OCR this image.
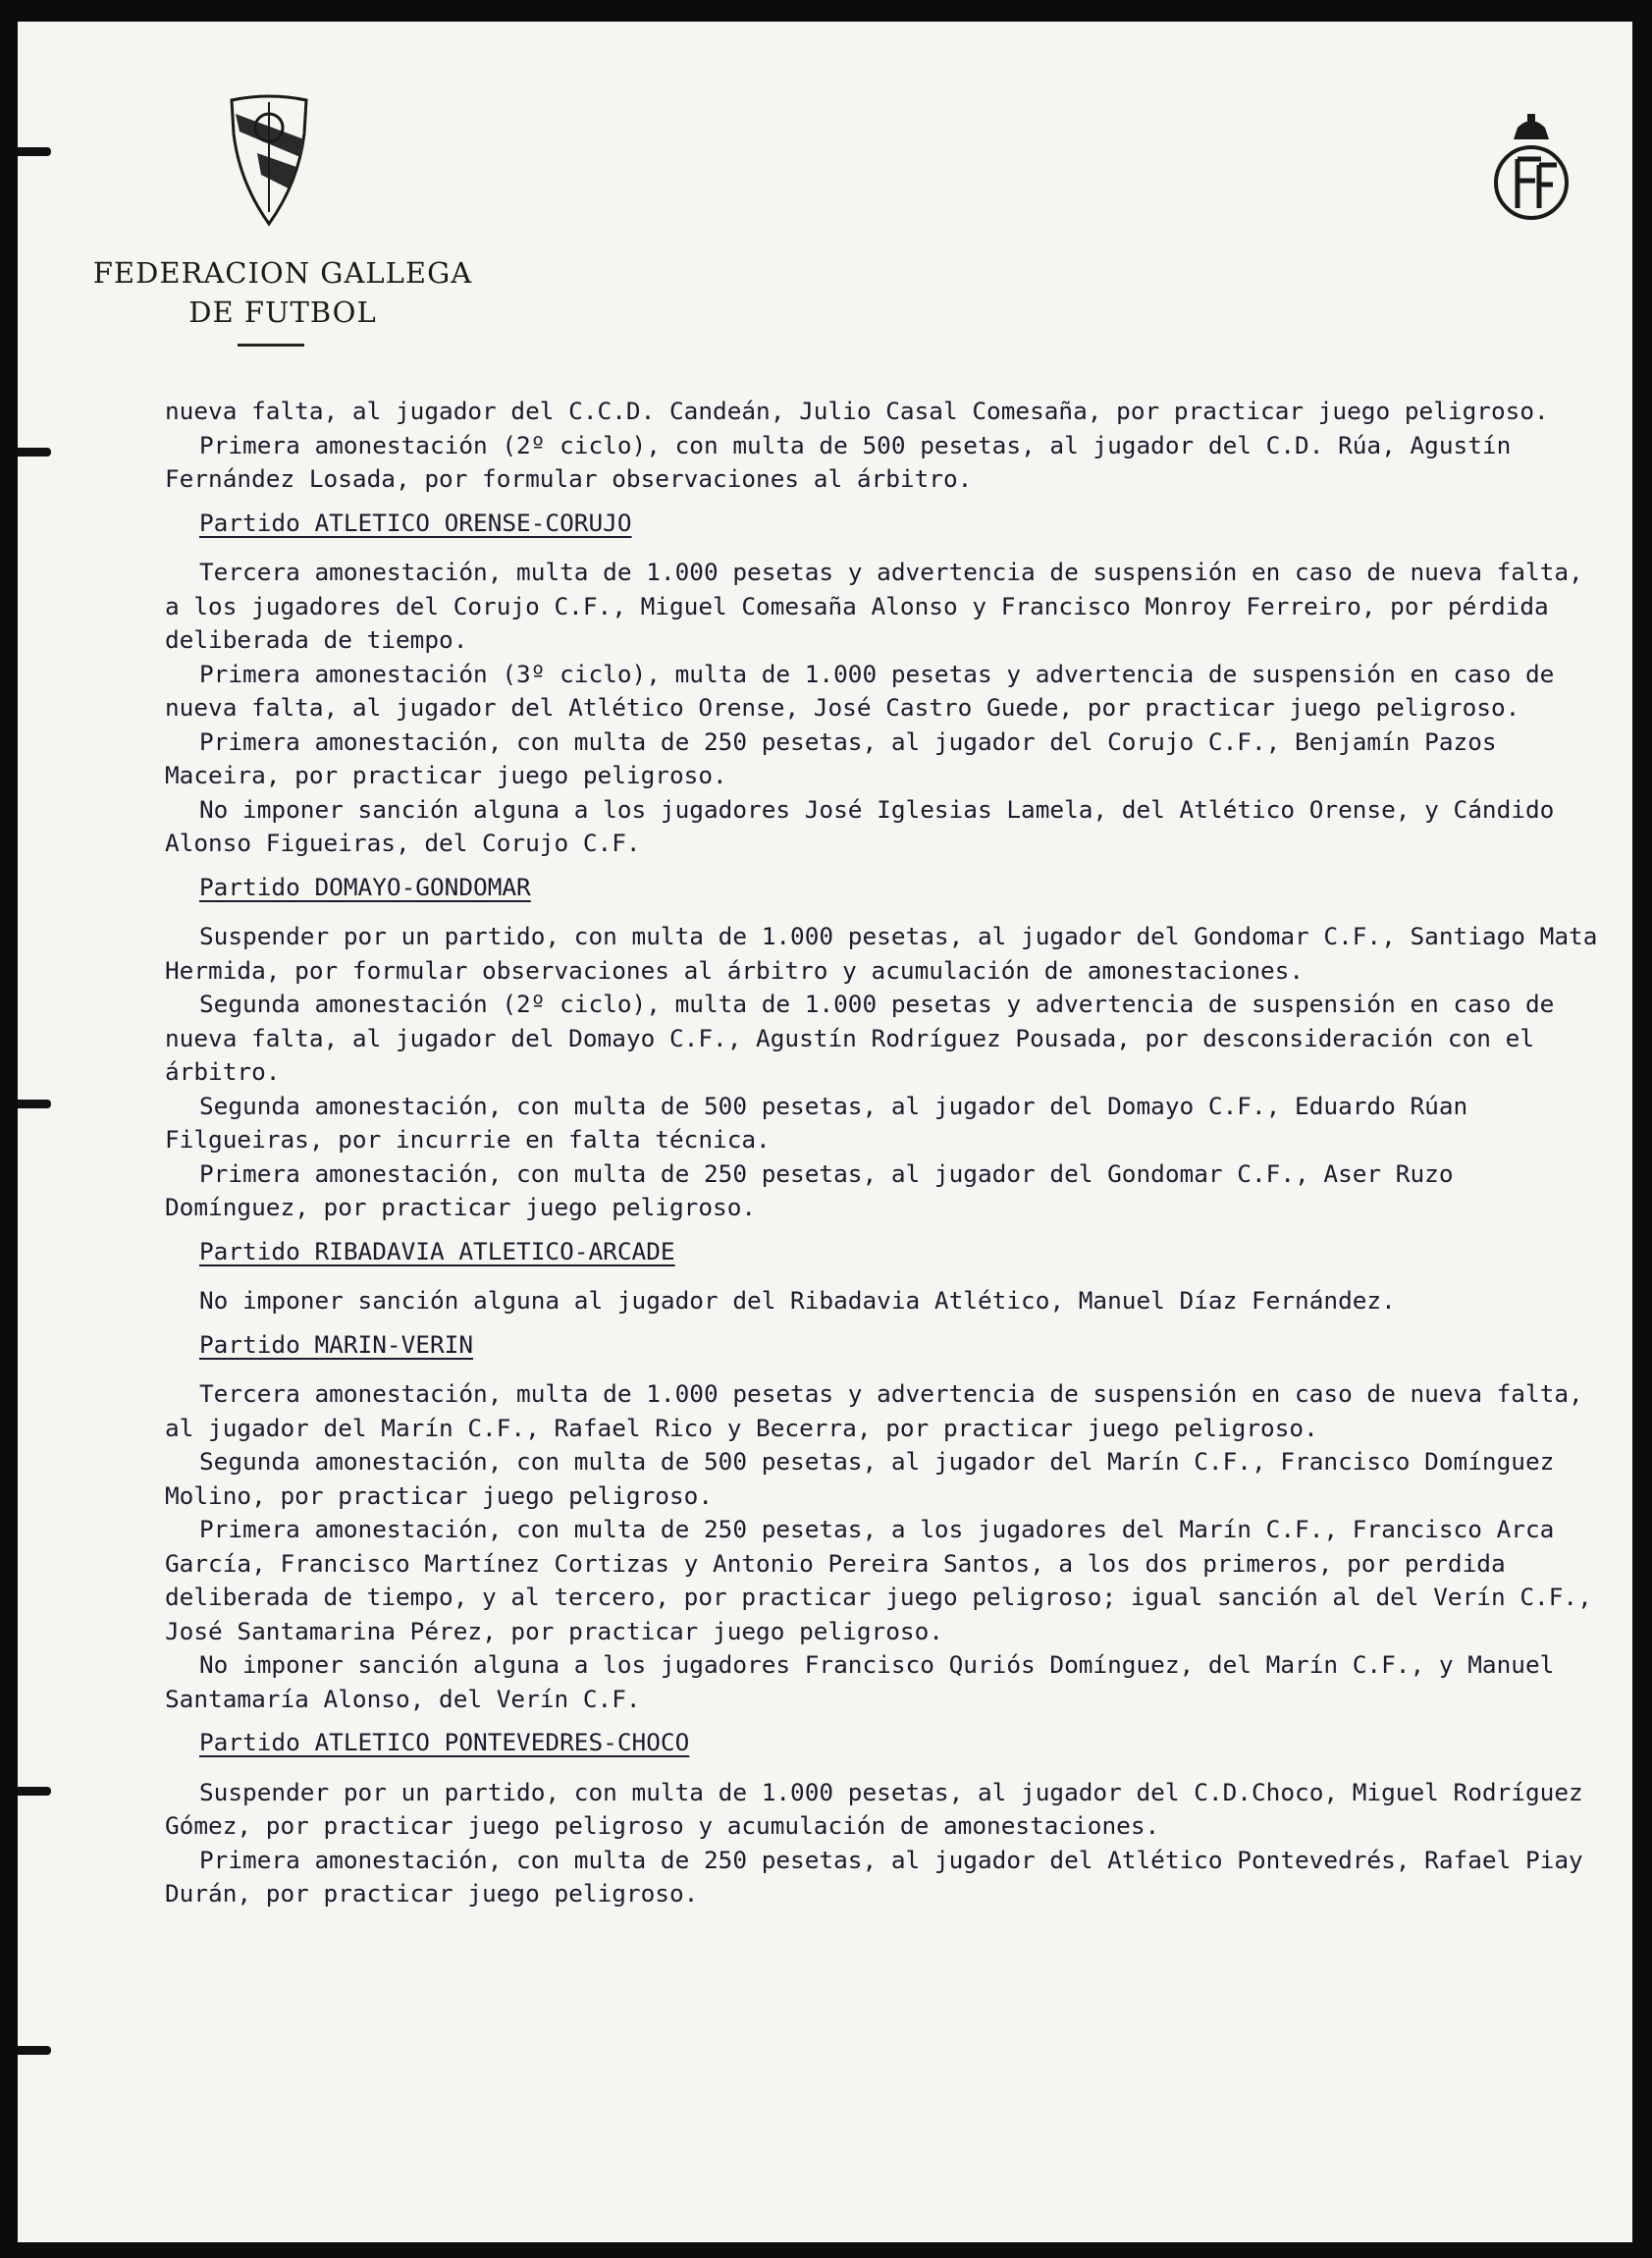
FEDERACION GALLEGA
DE FUTBOL

nueva falta, al jugador del C.C.D. Candeán, Julio Casal Comesaña, por practicar juego peligroso.

Primera amonestación (2º ciclo), con multa de 500 pesetas, al jugador del C.D. Rúa, Agustín Fernández Losada, por formular observaciones al árbitro.

Partido ATLETICO ORENSE-CORUJO

Tercera amonestación, multa de 1.000 pesetas y advertencia de suspensión en caso de nueva falta, a los jugadores del Corujo C.F., Miguel Comesaña Alonso y Francisco Monroy Ferreiro, por pérdida deliberada de tiempo.

Primera amonestación (3º ciclo), multa de 1.000 pesetas y advertencia de suspensión en caso de nueva falta, al jugador del Atlético Orense, José Castro Guede, por practicar juego peligroso.

Primera amonestación, con multa de 250 pesetas, al jugador del Corujo C.F., Benjamín Pazos Maceira, por practicar juego peligroso.

No imponer sanción alguna a los jugadores José Iglesias Lamela, del Atlético Orense, y Cándido Alonso Figueiras, del Corujo C.F.

Partido DOMAYO-GONDOMAR

Suspender por un partido, con multa de 1.000 pesetas, al jugador del Gondomar C.F., Santiago Mata Hermida, por formular observaciones al árbitro y acumulación de amonestaciones.

Segunda amonestación (2º ciclo), multa de 1.000 pesetas y advertencia de suspensión en caso de nueva falta, al jugador del Domayo C.F., Agustín Rodríguez Pousada, por desconsideración con el árbitro.

Segunda amonestación, con multa de 500 pesetas, al jugador del Domayo C.F., Eduardo Rúan Filgueiras, por incurrie en falta técnica.

Primera amonestación, con multa de 250 pesetas, al jugador del Gondomar C.F., Aser Ruzo Domínguez, por practicar juego peligroso.

Partido RIBADAVIA ATLETICO-ARCADE

No imponer sanción alguna al jugador del Ribadavia Atlético, Manuel Díaz Fernández.

Partido MARIN-VERIN

Tercera amonestación, multa de 1.000 pesetas y advertencia de suspensión en caso de nueva falta, al jugador del Marín C.F., Rafael Rico y Becerra, por practicar juego peligroso.

Segunda amonestación, con multa de 500 pesetas, al jugador del Marín C.F., Francisco Domínguez Molino, por practicar juego peligroso.

Primera amonestación, con multa de 250 pesetas, a los jugadores del Marín C.F., Francisco Arca García, Francisco Martínez Cortizas y Antonio Pereira Santos, a los dos primeros, por perdida deliberada de tiempo, y al tercero, por practicar juego peligroso; igual sanción al del Verín C.F., José Santamarina Pérez, por practicar juego peligroso.

No imponer sanción alguna a los jugadores Francisco Quriós Domínguez, del Marín C.F., y Manuel Santamaría Alonso, del Verín C.F.

Partido ATLETICO PONTEVEDRES-CHOCO

Suspender por un partido, con multa de 1.000 pesetas, al jugador del C.D.Choco, Miguel Rodríguez Gómez, por practicar juego peligroso y acumulación de amonestaciones.

Primera amonestación, con multa de 250 pesetas, al jugador del Atlético Pontevedrés, Rafael Piay Durán, por practicar juego peligroso.
